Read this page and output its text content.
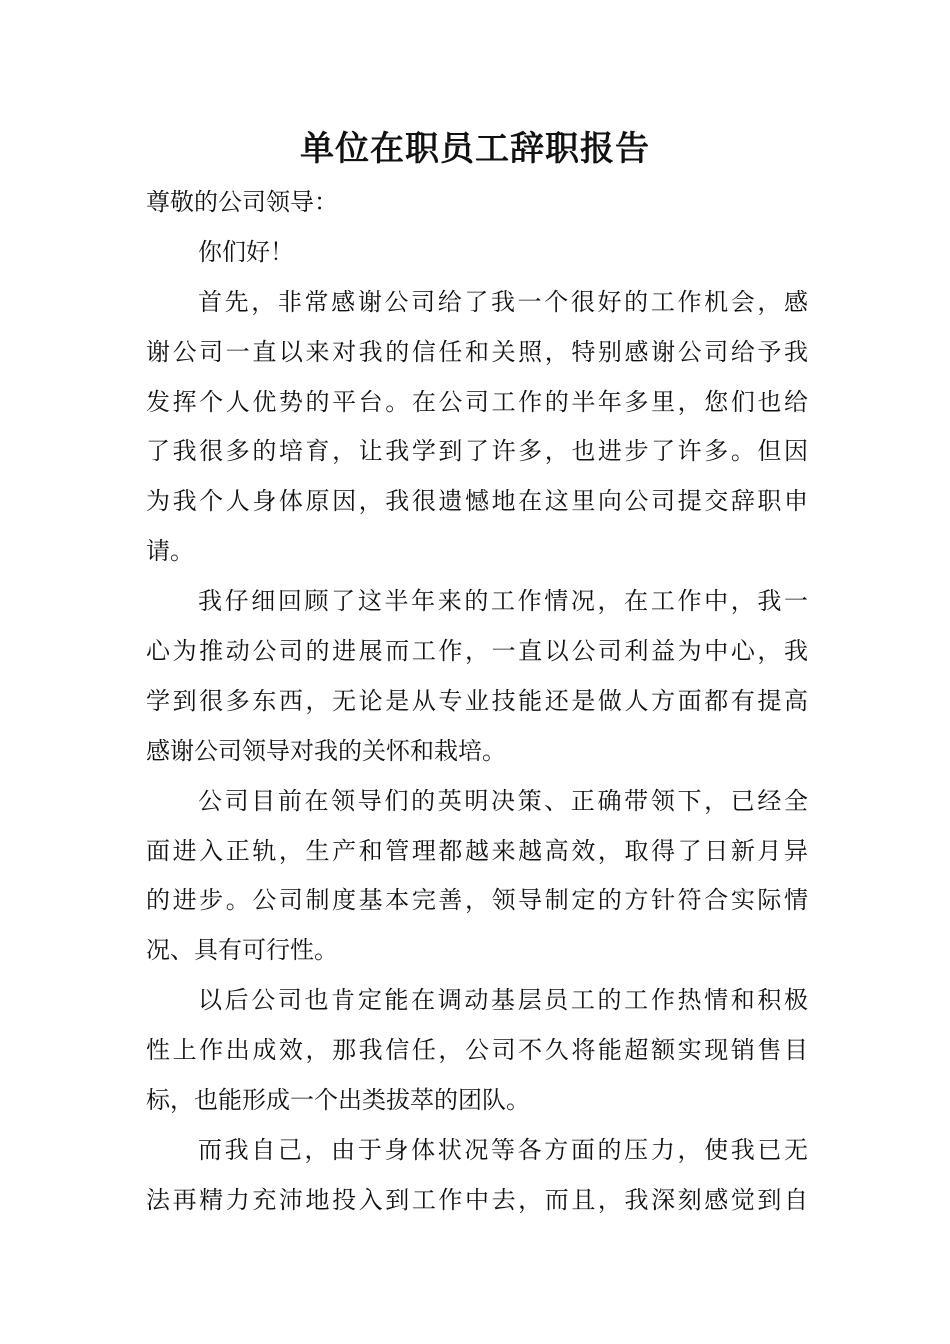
单位在职员工辞职报告
尊敬的公司领导：
你们好！
首先，非常感谢公司给了我一个很好的工作机会，感
谢公司一直以来对我的信任和关照，特别感谢公司给予我
发挥个人优势的平台。在公司工作的半年多里，您们也给
了我很多的培育，让我学到了许多，也进步了许多。但因
为我个人身体原因，我很遗憾地在这里向公司提交辞职申
请。
我仔细回顾了这半年来的工作情况，在工作中，我一
心为推动公司的进展而工作，一直以公司利益为中心，我
学到很多东西，无论是从专业技能还是做人方面都有提高
感谢公司领导对我的关怀和栽培。
公司目前在领导们的英明决策、正确带领下，已经全
面进入正轨，生产和管理都越来越高效，取得了日新月异
的进步。公司制度基本完善，领导制定的方针符合实际情
况、具有可行性。
以后公司也肯定能在调动基层员工的工作热情和积极
性上作出成效，那我信任，公司不久将能超额实现销售目
标，也能形成一个出类拔萃的团队。
而我自己，由于身体状况等各方面的压力，使我已无
法再精力充沛地投入到工作中去，而且，我深刻感觉到自
